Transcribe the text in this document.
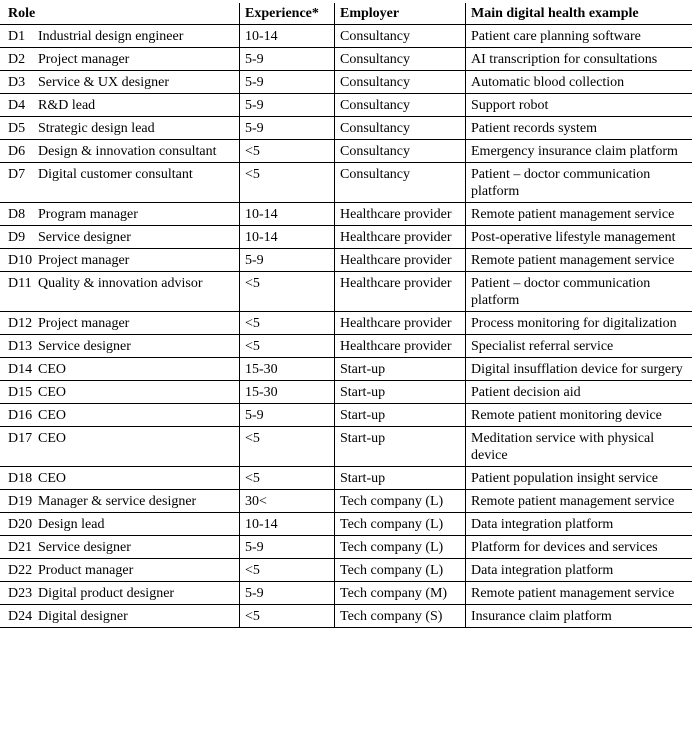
Role		Experience*	Employer	Main digital health example
D1	Industrial design engineer	10-14	Consultancy	Patient care planning software
D2	Project manager	5-9	Consultancy	AI transcription for consultations
D3	Service & UX designer	5-9	Consultancy	Automatic blood collection
D4	R&D lead	5-9	Consultancy	Support robot
D5	Strategic design lead	5-9	Consultancy	Patient records system
D6	Design & innovation consultant	<5	Consultancy	Emergency insurance claim platform
D7	Digital customer consultant	<5	Consultancy	Patient – doctor communication platform
D8	Program manager	10-14	Healthcare provider	Remote patient management service
D9	Service designer	10-14	Healthcare provider	Post-operative lifestyle management
D10	Project manager	5-9	Healthcare provider	Remote patient management service
D11	Quality & innovation advisor	<5	Healthcare provider	Patient – doctor communication platform
D12	Project manager	<5	Healthcare provider	Process monitoring for digitalization
D13	Service designer	<5	Healthcare provider	Specialist referral service
D14	CEO	15-30	Start-up	Digital insufflation device for surgery
D15	CEO	15-30	Start-up	Patient decision aid
D16	CEO	5-9	Start-up	Remote patient monitoring device
D17	CEO	<5	Start-up	Meditation service with physical device
D18	CEO	<5	Start-up	Patient population insight service
D19	Manager & service designer	30<	Tech company (L)	Remote patient management service
D20	Design lead	10-14	Tech company (L)	Data integration platform
D21	Service designer	5-9	Tech company (L)	Platform for devices and services
D22	Product manager	<5	Tech company (L)	Data integration platform
D23	Digital product designer	5-9	Tech company (M)	Remote patient management service
D24	Digital designer	<5	Tech company (S)	Insurance claim platform
